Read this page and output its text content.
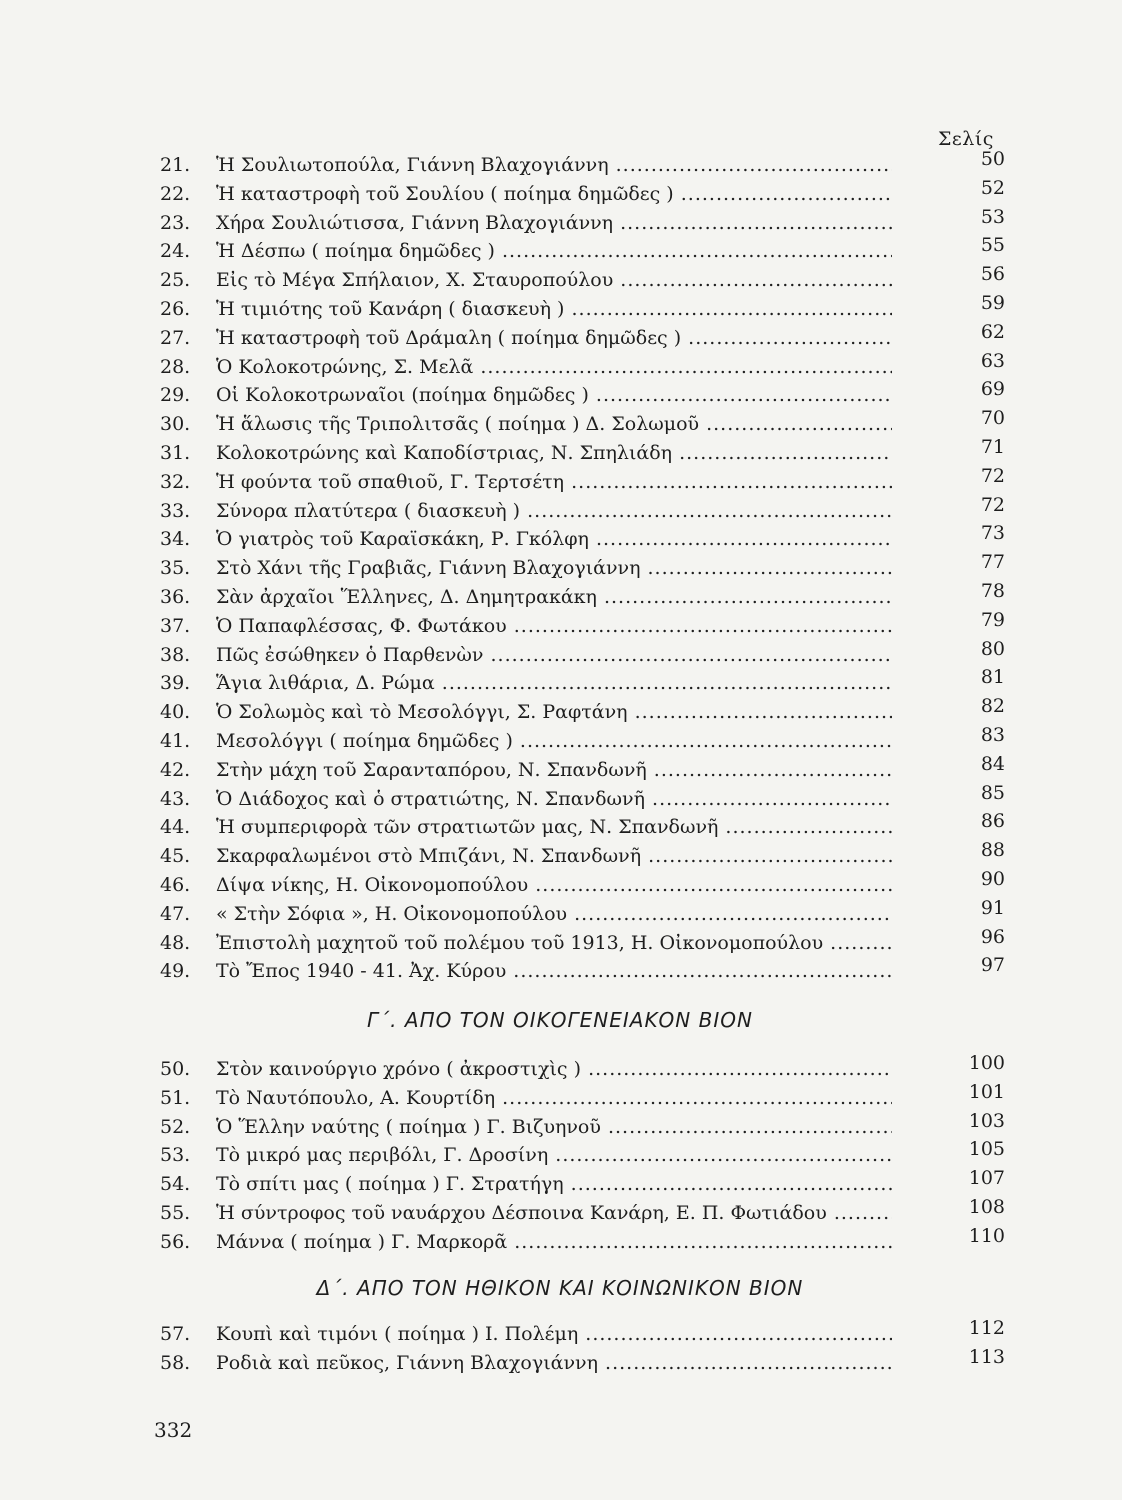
Σελίς
21.	Ἡ Σουλιωτοπούλα, Γιάννη Βλαχογιάννη .....	50
22.	Ἡ καταστροφὴ τοῦ Σουλίου ( ποίημα δημῶδες ) .....	52
23.	Χήρα Σουλιώτισσα, Γιάννη Βλαχογιάννη .....	53
24.	Ἡ Δέσπω ( ποίημα δημῶδες ) .....	55
25.	Εἰς τὸ Μέγα Σπήλαιον, Χ. Σταυροπούλου .....	56
26.	Ἡ τιμιότης τοῦ Κανάρη ( διασκευὴ ) .....	59
27.	Ἡ καταστροφὴ τοῦ Δράμαλη ( ποίημα δημῶδες ) .....	62
28.	Ὁ Κολοκοτρώνης, Σ. Μελᾶ .....	63
29.	Οἱ Κολοκοτρωναῖοι (ποίημα δημῶδες ) .....	69
30.	Ἡ ἅλωσις τῆς Τριπολιτσᾶς ( ποίημα ) Δ. Σολωμοῦ .....	70
31.	Κολοκοτρώνης καὶ Καποδίστριας, Ν. Σπηλιάδη .....	71
32.	Ἡ φούντα τοῦ σπαθιοῦ, Γ. Τερτσέτη .....	72
33.	Σύνορα πλατύτερα ( διασκευὴ ) .....	72
34.	Ὁ γιατρὸς τοῦ Καραϊσκάκη, Ρ. Γκόλφη .....	73
35.	Στὸ Χάνι τῆς Γραβιᾶς, Γιάννη Βλαχογιάννη .....	77
36.	Σὰν ἀρχαῖοι Ἕλληνες, Δ. Δημητρακάκη .....	78
37.	Ὁ Παπαφλέσσας, Φ. Φωτάκου .....	79
38.	Πῶς ἐσώθηκεν ὁ Παρθενὼν .....	80
39.	Ἅγια λιθάρια, Δ. Ρώμα .....	81
40.	Ὁ Σολωμὸς καὶ τὸ Μεσολόγγι, Σ. Ραφτάνη .....	82
41.	Μεσολόγγι ( ποίημα δημῶδες ) .....	83
42.	Στὴν μάχη τοῦ Σαρανταπόρου, Ν. Σπανδωνῆ .....	84
43.	Ὁ Διάδοχος καὶ ὁ στρατιώτης, Ν. Σπανδωνῆ .....	85
44.	Ἡ συμπεριφορὰ τῶν στρατιωτῶν μας, Ν. Σπανδωνῆ .....	86
45.	Σκαρφαλωμένοι στὸ Μπιζάνι, Ν. Σπανδωνῆ .....	88
46.	Δίψα νίκης, Η. Οἰκονομοπούλου .....	90
47.	« Στὴν Σόφια », Η. Οἰκονομοπούλου .....	91
48.	Ἐπιστολὴ μαχητοῦ τοῦ πολέμου τοῦ 1913, Η. Οἰκονομοπούλου .....	96
49.	Τὸ Ἔπος 1940 - 41. Ἀχ. Κύρου .....	97
Γ΄. ΑΠΟ ΤΟΝ ΟΙΚΟΓΕΝΕΙΑΚΟΝ ΒΙΟΝ
50.	Στὸν καινούργιο χρόνο ( ἀκροστιχὶς ) .....	100
51.	Τὸ Ναυτόπουλο, Α. Κουρτίδη .....	101
52.	Ὁ Ἕλλην ναύτης ( ποίημα ) Γ. Βιζυηνοῦ .....	103
53.	Τὸ μικρό μας περιβόλι, Γ. Δροσίνη .....	105
54.	Τὸ σπίτι μας ( ποίημα ) Γ. Στρατήγη .....	107
55.	Ἡ σύντροφος τοῦ ναυάρχου Δέσποινα Κανάρη, Ε. Π. Φωτιάδου .....	108
56.	Μάννα ( ποίημα ) Γ. Μαρκορᾶ .....	110
Δ΄. ΑΠΟ ΤΟΝ ΗΘΙΚΟΝ ΚΑΙ ΚΟΙΝΩΝΙΚΟΝ ΒΙΟΝ
57.	Κουπὶ καὶ τιμόνι ( ποίημα ) Ι. Πολέμη .....	112
58.	Ροδιὰ καὶ πεῦκος, Γιάννη Βλαχογιάννη .....	113
332
